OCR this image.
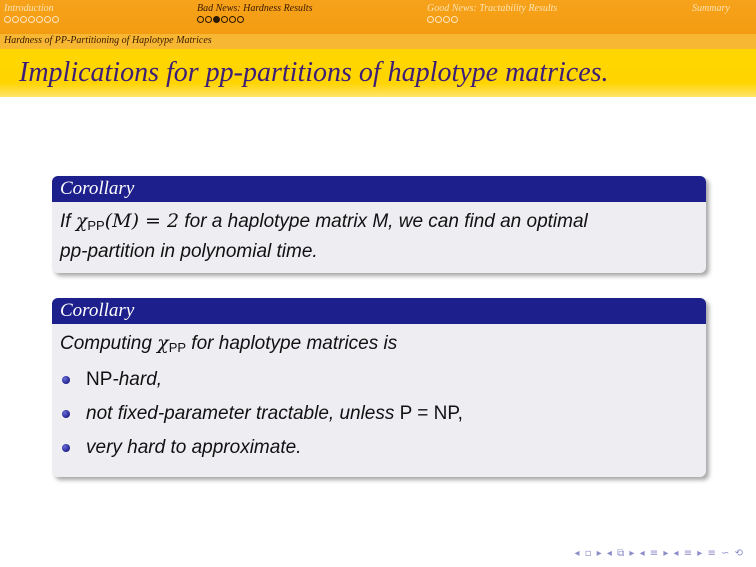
Introduction	Bad News: Hardness Results	Good News: Tractability Results	Summary
Hardness of PP-Partitioning of Haplotype Matrices
Implications for pp-partitions of haplotype matrices.
Corollary
If $\chi_{PP}(M) = 2$ for a haplotype matrix M, we can find an optimal
pp-partition in polynomial time.
Corollary
Computing $\chi_{PP}$ for haplotype matrices is
NP-hard,
not fixed-parameter tractable, unless P = NP,
very hard to approximate.
◂ ▫ ▸ ◂ ⧉ ▸ ◂ ≡ ▸ ◂ ≡ ▸ ≡ ∽ ⟲
